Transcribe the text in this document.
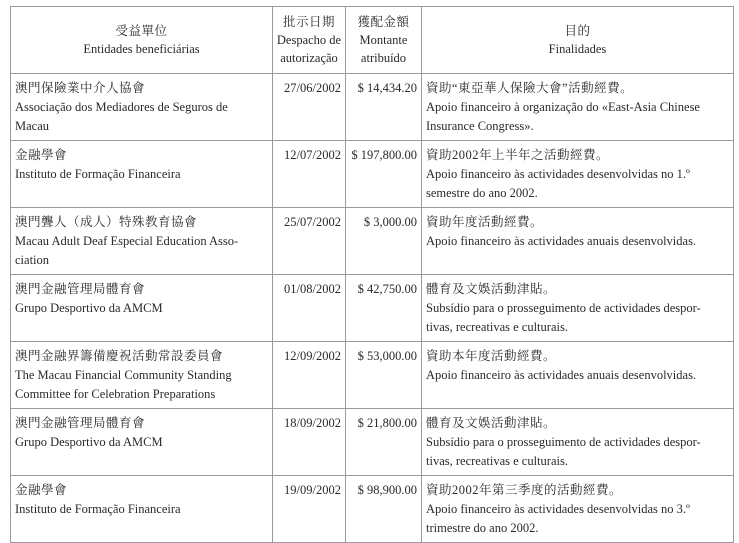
受益單位
Entidades beneficiárias	批示日期
Despacho de
autorização	獲配金額
Montante
atribuído	目的
Finalidades

澳門保險業中介人協會
Associação dos Mediadores de Seguros de
Macau	27/06/2002	$ 14,434.20	資助“東亞華人保險大會”活動經費。
Apoio financeiro à organização do «East-Asia Chinese
Insurance Congress».

金融學會
Instituto de Formação Financeira	12/07/2002	$ 197,800.00	資助2002年上半年之活動經費。
Apoio financeiro às actividades desenvolvidas no 1.º
semestre do ano 2002.

澳門聾人（成人）特殊教育協會
Macau Adult Deaf Especial Education Asso-
ciation	25/07/2002	$ 3,000.00	資助年度活動經費。
Apoio financeiro às actividades anuais desenvolvidas.

澳門金融管理局體育會
Grupo Desportivo da AMCM	01/08/2002	$ 42,750.00	體育及文娛活動津貼。
Subsídio para o prosseguimento de actividades despor-
tivas, recreativas e culturais.

澳門金融界籌備慶祝活動常設委員會
The Macau Financial Community Standing
Committee for Celebration Preparations	12/09/2002	$ 53,000.00	資助本年度活動經費。
Apoio financeiro às actividades anuais desenvolvidas.

澳門金融管理局體育會
Grupo Desportivo da AMCM	18/09/2002	$ 21,800.00	體育及文娛活動津貼。
Subsídio para o prosseguimento de actividades despor-
tivas, recreativas e culturais.

金融學會
Instituto de Formação Financeira	19/09/2002	$ 98,900.00	資助2002年第三季度的活動經費。
Apoio financeiro às actividades desenvolvidas no 3.º
trimestre do ano 2002.
